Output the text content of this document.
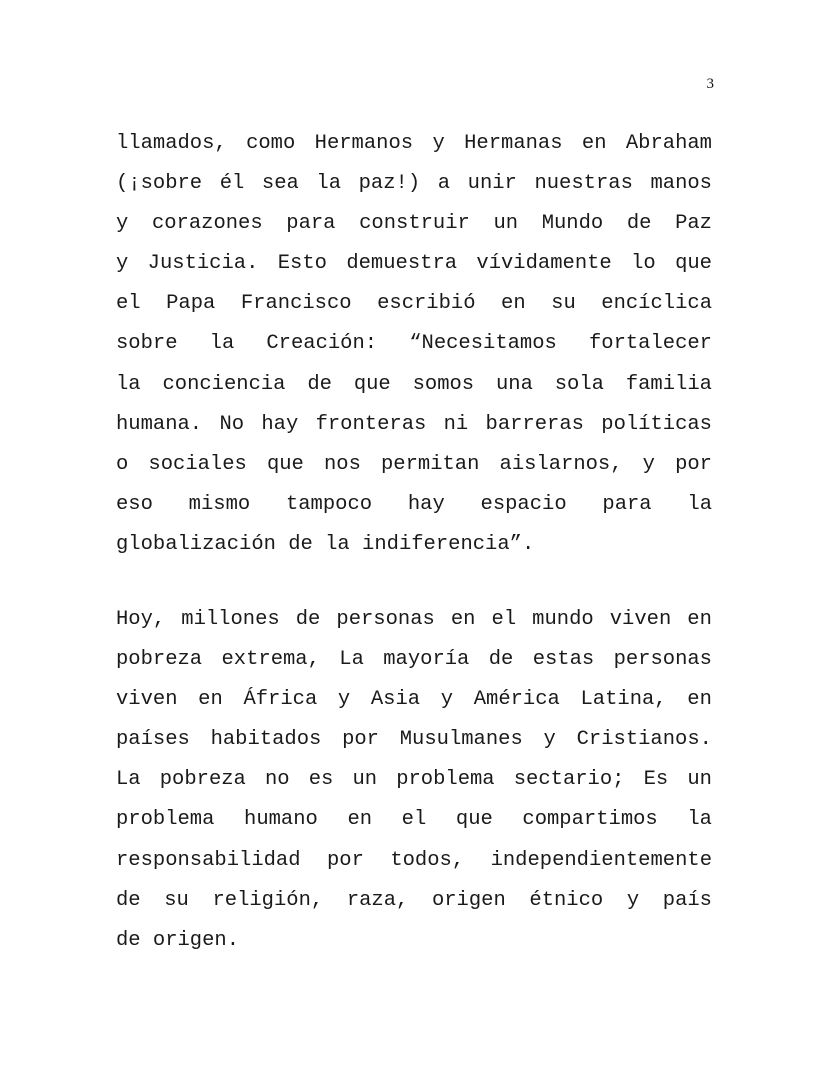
3
llamados, como Hermanos y Hermanas en Abraham
(¡sobre él sea la paz!) a unir nuestras manos
y corazones para construir un Mundo de Paz
y Justicia. Esto demuestra vívidamente lo que
el Papa Francisco escribió en su encíclica
sobre la Creación: “Necesitamos fortalecer
la conciencia de que somos una sola familia
humana. No hay fronteras ni barreras políticas
o sociales que nos permitan aislarnos, y por
eso mismo tampoco hay espacio para la
globalización de la indiferencia”.
Hoy, millones de personas en el mundo viven en
pobreza extrema, La mayoría de estas personas
viven en África y Asia y América Latina, en
países habitados por Musulmanes y Cristianos.
La pobreza no es un problema sectario; Es un
problema humano en el que compartimos la
responsabilidad por todos, independientemente
de su religión, raza, origen étnico y país
de origen.
